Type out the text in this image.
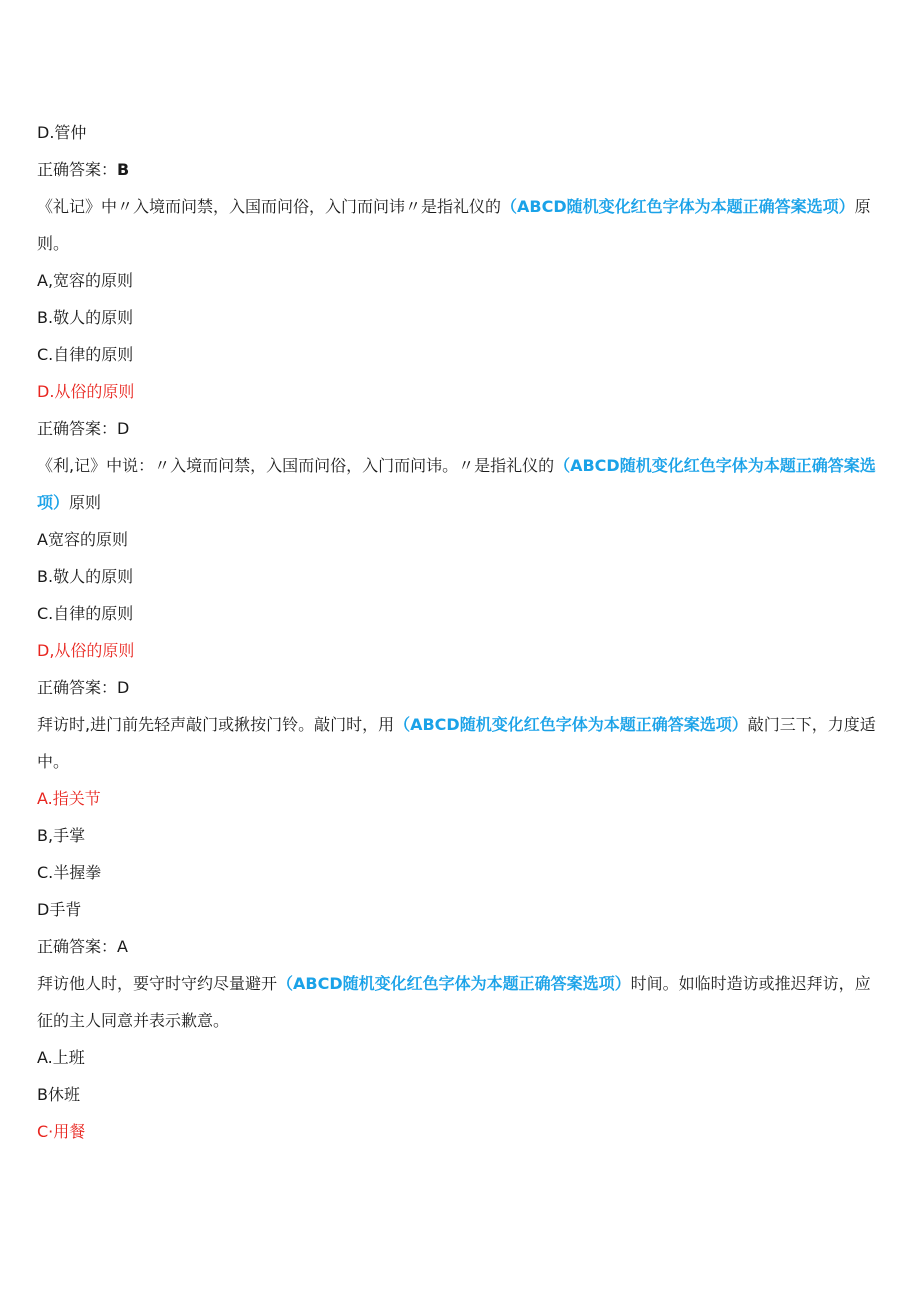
D.管仲
正确答案：B
《礼记》中〃入境而问禁，入国而问俗，入门而问讳〃是指礼仪的（ABCD随机变化红色字体为本题正确答案选项）原则。
A,宽容的原则
B.敬人的原则
C.自律的原则
D.从俗的原则
正确答案：D
《利,记》中说：〃入境而问禁，入国而问俗，入门而问讳。〃是指礼仪的（ABCD随机变化红色字体为本题正确答案选项）原则
A宽容的原则
B.敬人的原则
C.自律的原则
D,从俗的原则
正确答案：D
拜访时,进门前先轻声敲门或揪按门铃。敲门时，用（ABCD随机变化红色字体为本题正确答案选项）敲门三下，力度适中。
A.指关节
B,手掌
C.半握拳
D手背
正确答案：A
拜访他人时，要守时守约尽量避开（ABCD随机变化红色字体为本题正确答案选项）时间。如临时造访或推迟拜访，应征的主人同意并表示歉意。
A.上班
B休班
C·用餐
